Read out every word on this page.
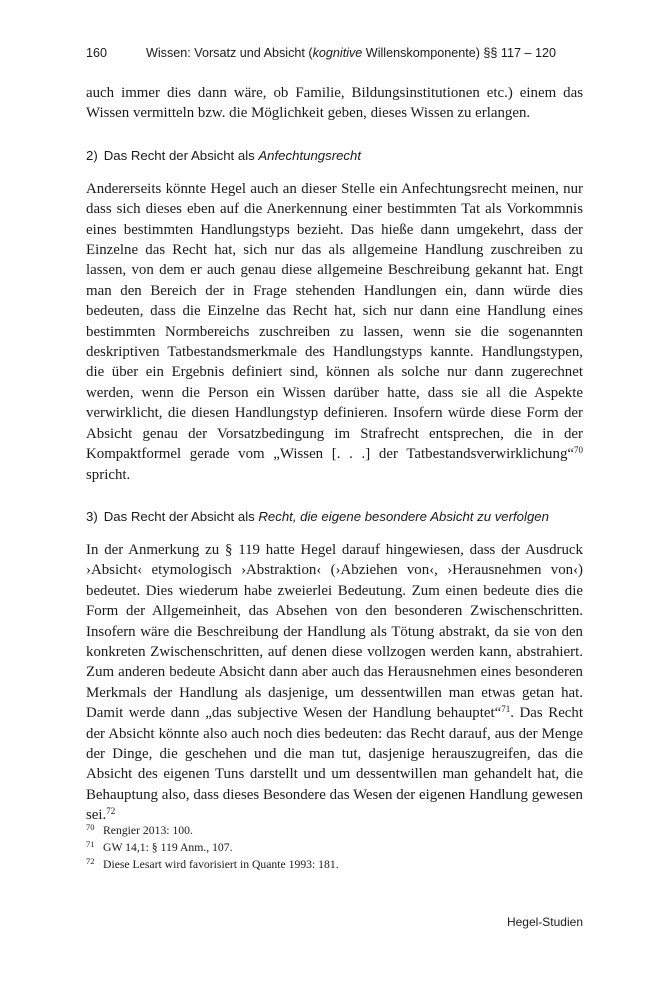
160	Wissen: Vorsatz und Absicht (kognitive Willenskomponente) §§ 117 – 120

auch immer dies dann wäre, ob Familie, Bildungsinstitutionen etc.) einem das Wissen vermitteln bzw. die Möglichkeit geben, dieses Wissen zu erlangen.

2) Das Recht der Absicht als Anfechtungsrecht

Andererseits könnte Hegel auch an dieser Stelle ein Anfechtungsrecht meinen, nur dass sich dieses eben auf die Anerkennung einer bestimmten Tat als Vorkommnis eines bestimmten Handlungstyps bezieht. Das hieße dann umgekehrt, dass der Einzelne das Recht hat, sich nur das als allgemeine Handlung zuschreiben zu lassen, von dem er auch genau diese allgemeine Beschreibung gekannt hat. Engt man den Bereich der in Frage stehenden Handlungen ein, dann würde dies bedeuten, dass die Einzelne das Recht hat, sich nur dann eine Handlung eines bestimmten Normbereichs zuschreiben zu lassen, wenn sie die sogenannten deskriptiven Tatbestandsmerkmale des Handlungstyps kannte. Handlungstypen, die über ein Ergebnis definiert sind, können als solche nur dann zugerechnet werden, wenn die Person ein Wissen darüber hatte, dass sie all die Aspekte verwirklicht, die diesen Handlungstyp definieren. Insofern würde diese Form der Absicht genau der Vorsatzbedingung im Strafrecht entsprechen, die in der Kompaktformel gerade vom „Wissen [. . .] der Tatbestandsverwirklichung“$^{70}$ spricht.

3) Das Recht der Absicht als Recht, die eigene besondere Absicht zu verfolgen

In der Anmerkung zu § 119 hatte Hegel darauf hingewiesen, dass der Ausdruck ›Absicht‹ etymologisch ›Abstraktion‹ (›Abziehen von‹, ›Herausnehmen von‹) bedeutet. Dies wiederum habe zweierlei Bedeutung. Zum einen bedeute dies die Form der Allgemeinheit, das Absehen von den besonderen Zwischenschritten. Insofern wäre die Beschreibung der Handlung als Tötung abstrakt, da sie von den konkreten Zwischenschritten, auf denen diese vollzogen werden kann, abstrahiert. Zum anderen bedeute Absicht dann aber auch das Herausnehmen eines besonderen Merkmals der Handlung als dasjenige, um dessentwillen man etwas getan hat. Damit werde dann „das subjective Wesen der Handlung behauptet“$^{71}$. Das Recht der Absicht könnte also auch noch dies bedeuten: das Recht darauf, aus der Menge der Dinge, die geschehen und die man tut, dasjenige herauszugreifen, das die Absicht des eigenen Tuns darstellt und um dessentwillen man gehandelt hat, die Behauptung also, dass dieses Besondere das Wesen der eigenen Handlung gewesen sei.$^{72}$

70 Rengier 2013: 100.
71 GW 14,1: § 119 Anm., 107.
72 Diese Lesart wird favorisiert in Quante 1993: 181.
Hegel-Studien
